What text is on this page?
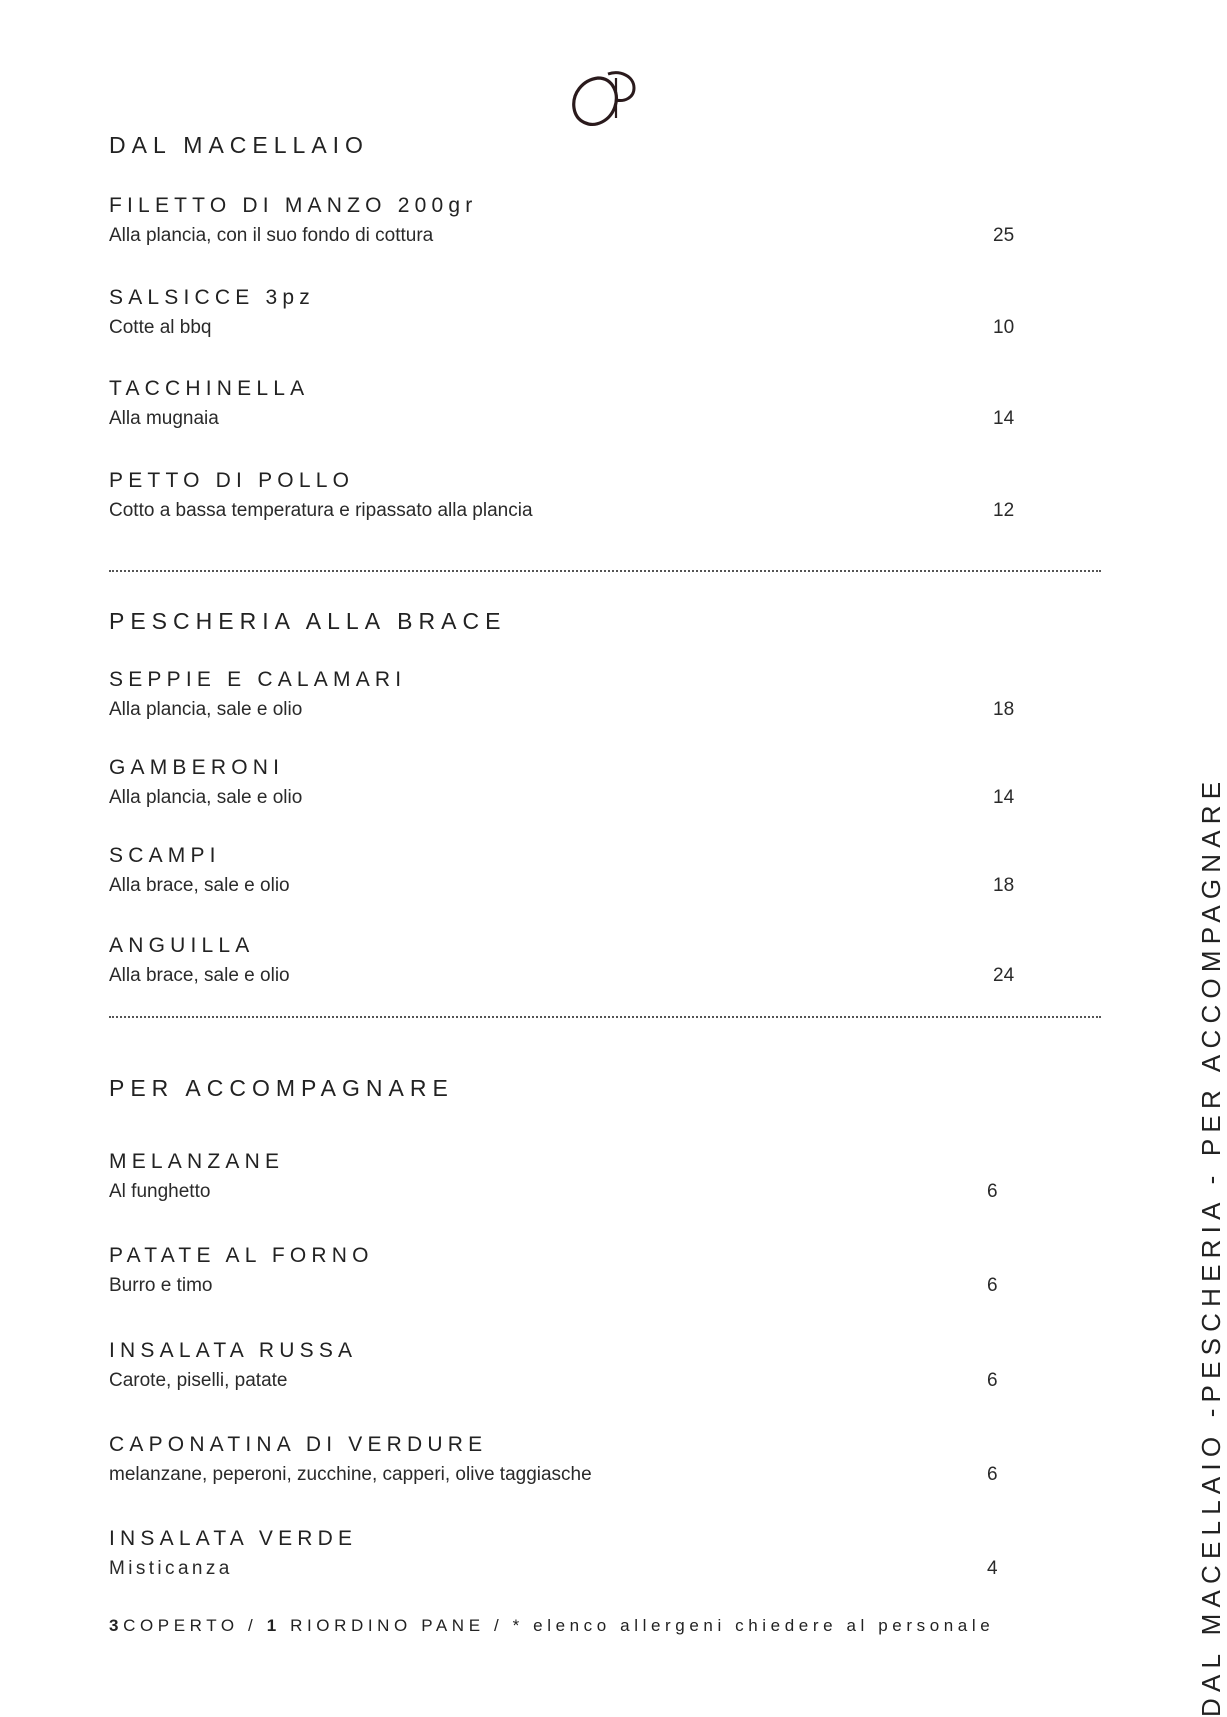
DAL MACELLAIO
FILETTO DI MANZO 200gr
Alla plancia, con il suo fondo di cottura	25
SALSICCE 3pz
Cotte al bbq	10
TACCHINELLA
Alla mugnaia	14
PETTO DI POLLO
Cotto a bassa temperatura e ripassato alla plancia	12
PESCHERIA ALLA BRACE
SEPPIE E CALAMARI
Alla plancia, sale e olio	18
GAMBERONI
Alla plancia, sale e olio	14
SCAMPI
Alla brace, sale e olio	18
ANGUILLA
Alla brace, sale e olio	24
PER ACCOMPAGNARE
MELANZANE
Al funghetto	6
PATATE AL FORNO
Burro e timo	6
INSALATA RUSSA
Carote, piselli, patate	6
CAPONATINA DI VERDURE
melanzane, peperoni, zucchine, capperi, olive taggiasche	6
INSALATA VERDE
Misticanza	4
3COPERTO / 1 RIORDINO PANE / * elenco allergeni chiedere al personale	DAL MACELLAIO -PESCHERIA - PER ACCOMPAGNARE
